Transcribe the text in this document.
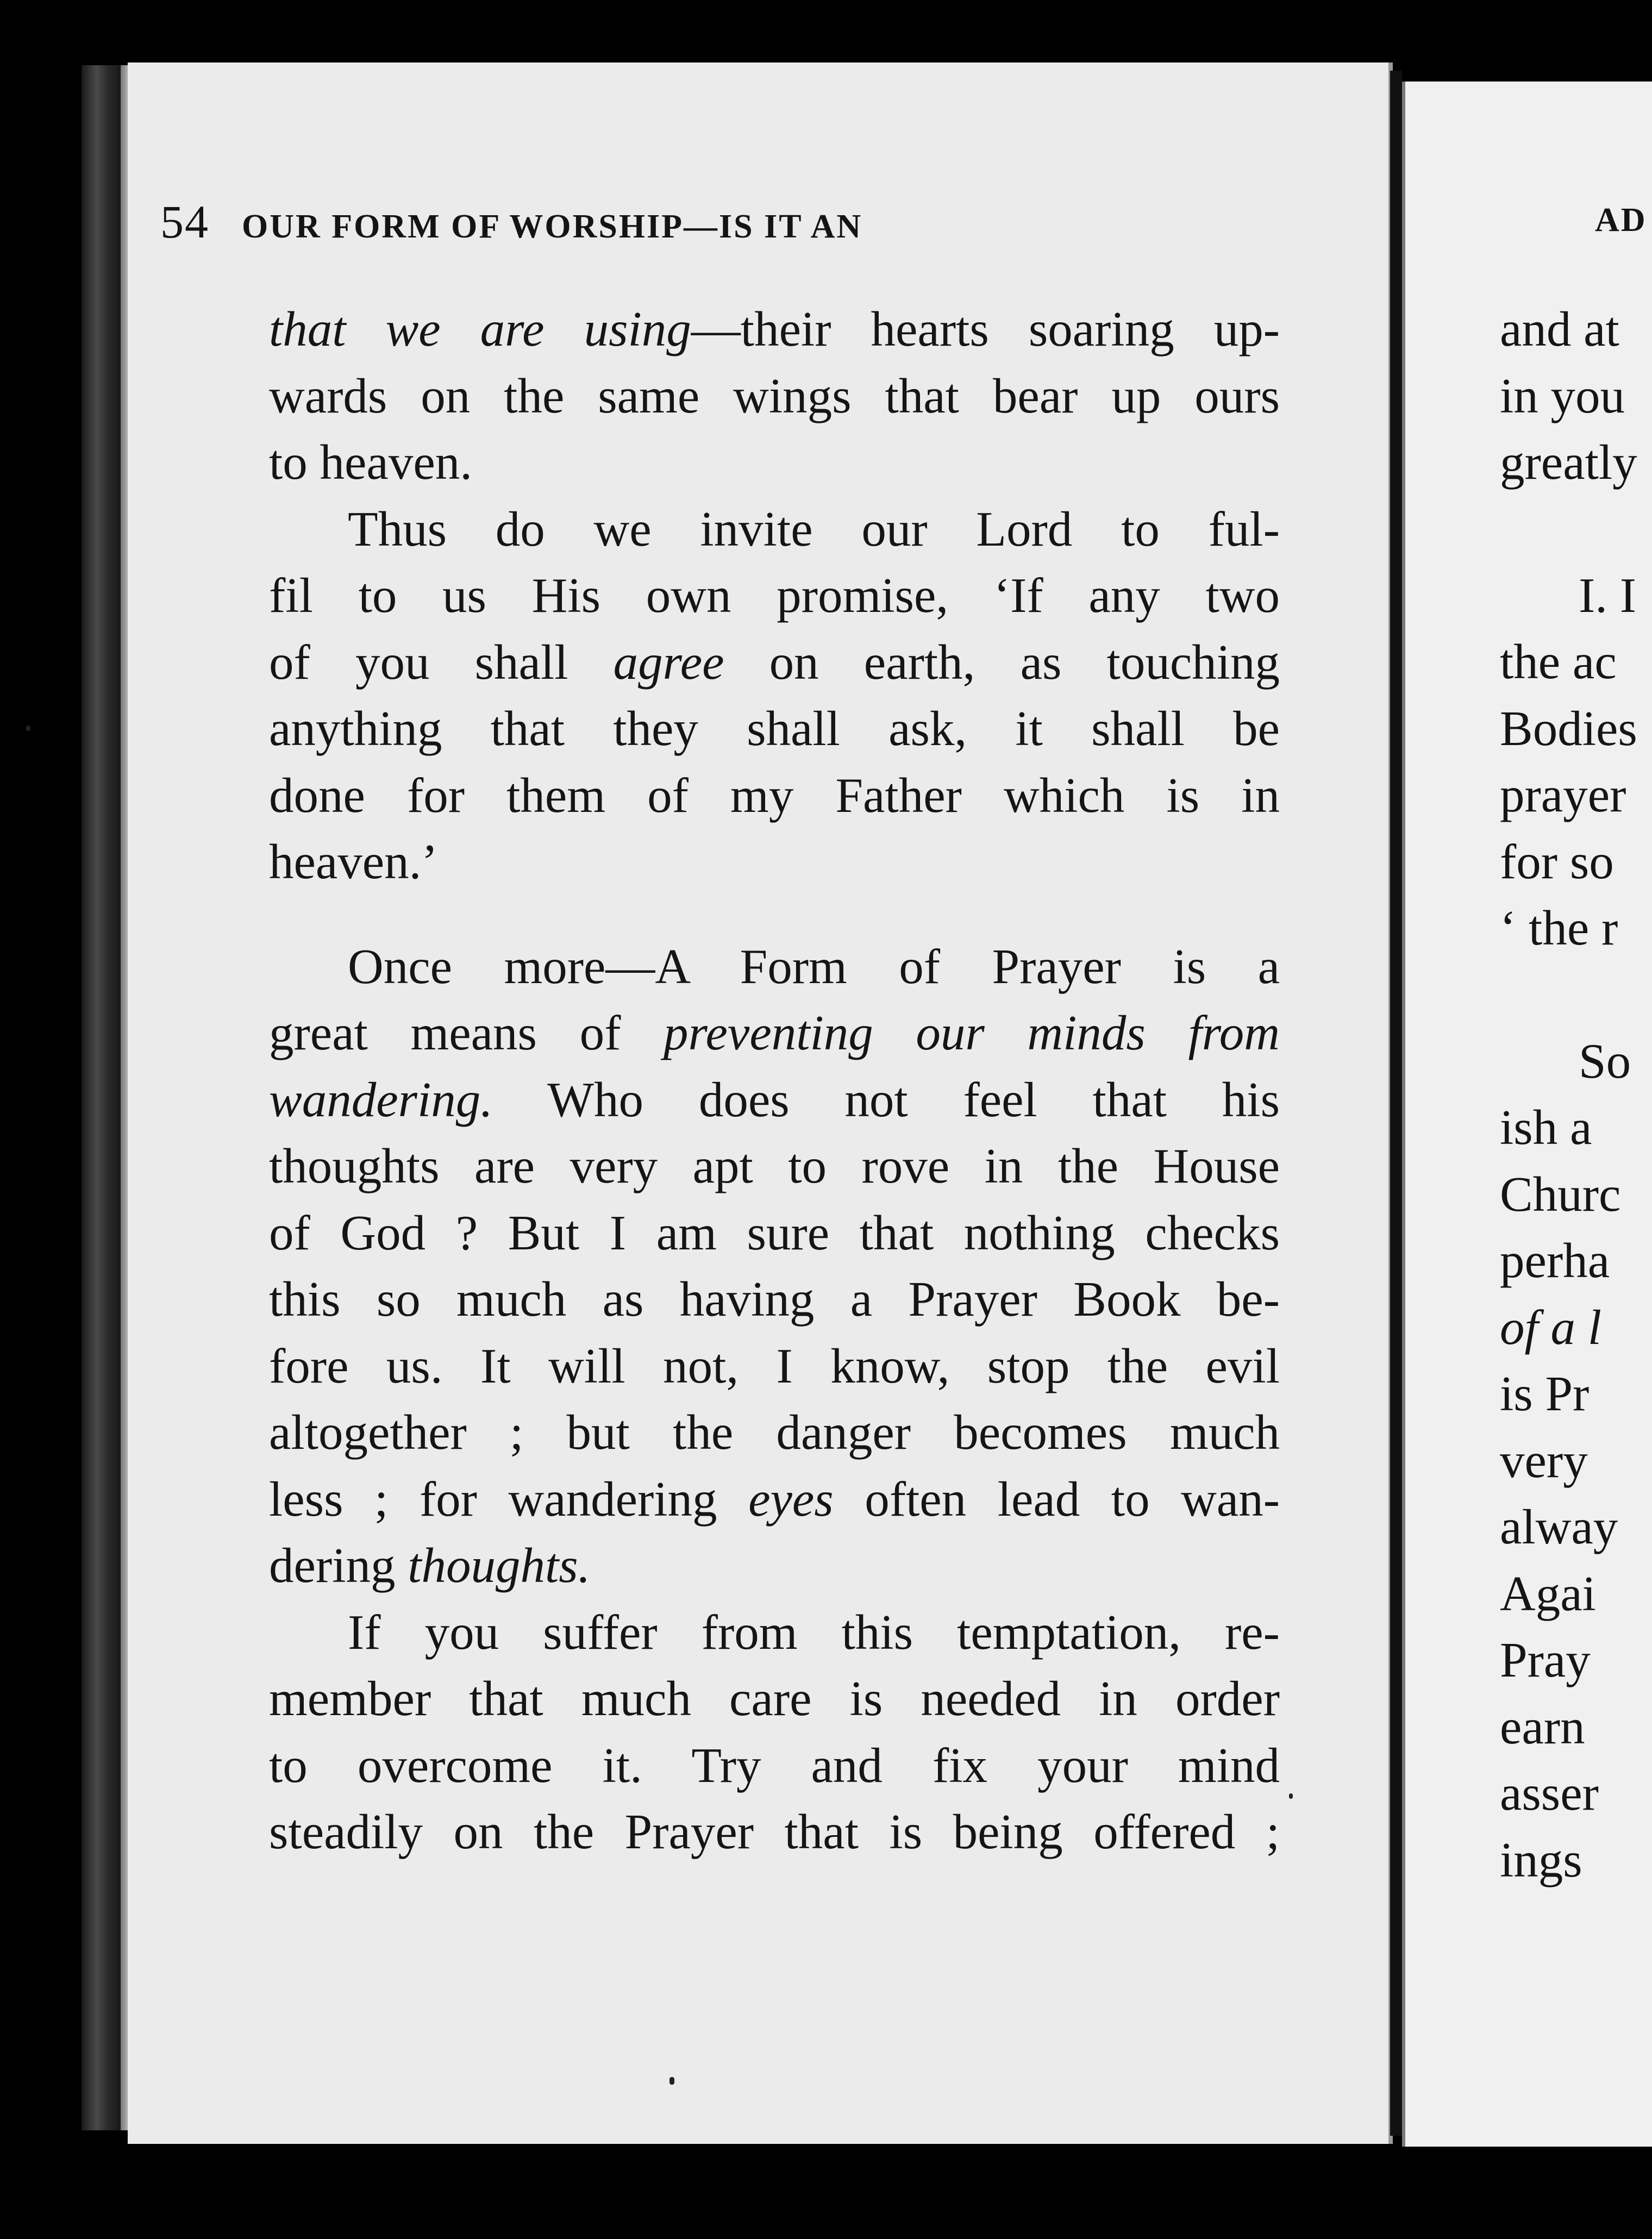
54 OUR FORM OF WORSHIP—IS IT AN
that we are using—their hearts soaring up-
wards on the same wings that bear up ours
to heaven.
Thus do we invite our Lord to ful-
fil to us His own promise, ‘If any two
of you shall agree on earth, as touching
anything that they shall ask, it shall be
done for them of my Father which is in
heaven.’
Once more—A Form of Prayer is a
great means of preventing our minds from
wandering. Who does not feel that his
thoughts are very apt to rove in the House
of God ? But I am sure that nothing checks
this so much as having a Prayer Book be-
fore us. It will not, I know, stop the evil
altogether ; but the danger becomes much
less ; for wandering eyes often lead to wan-
dering thoughts.
If you suffer from this temptation, re-
member that much care is needed in order
to overcome it. Try and fix your mind
steadily on the Prayer that is being offered ;
AD
and at
in you
greatly
I. I
the ac
Bodies
prayer
for so
‘ the r
So
ish a
Churc
perha
of a l
is Pr
very
alway
Agai
Pray
earn
asser
ings
